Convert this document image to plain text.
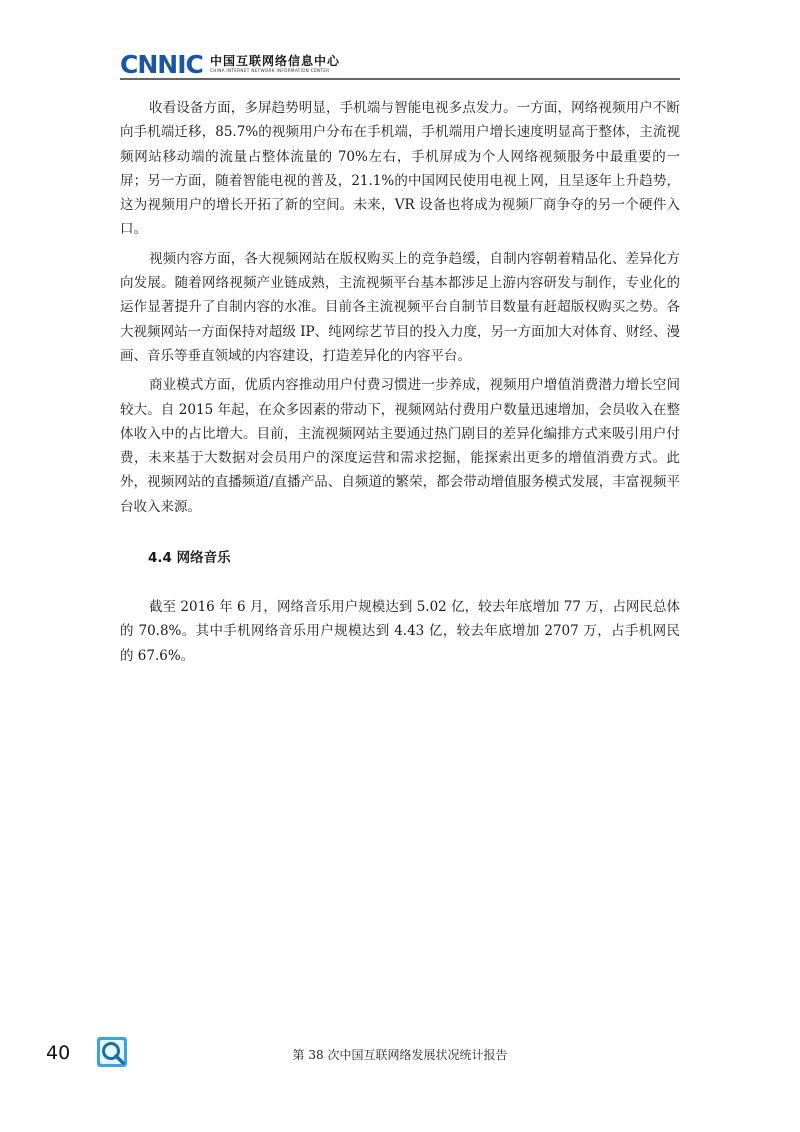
CNNIC 中国互联网络信息中心
CHINA INTERNET NETWORK INFORMATION CENTER

收看设备方面，多屏趋势明显，手机端与智能电视多点发力。一方面，网络视频用户不断向手机端迁移，85.7%的视频用户分布在手机端，手机端用户增长速度明显高于整体，主流视频网站移动端的流量占整体流量的 70%左右，手机屏成为个人网络视频服务中最重要的一屏；另一方面，随着智能电视的普及，21.1%的中国网民使用电视上网，且呈逐年上升趋势，这为视频用户的增长开拓了新的空间。未来，VR 设备也将成为视频厂商争夺的另一个硬件入口。

视频内容方面，各大视频网站在版权购买上的竞争趋缓，自制内容朝着精品化、差异化方向发展。随着网络视频产业链成熟，主流视频平台基本都涉足上游内容研发与制作，专业化的运作显著提升了自制内容的水准。目前各主流视频平台自制节目数量有赶超版权购买之势。各大视频网站一方面保持对超级 IP、纯网综艺节目的投入力度，另一方面加大对体育、财经、漫画、音乐等垂直领域的内容建设，打造差异化的内容平台。

商业模式方面，优质内容推动用户付费习惯进一步养成，视频用户增值消费潜力增长空间较大。自 2015 年起，在众多因素的带动下，视频网站付费用户数量迅速增加，会员收入在整体收入中的占比增大。目前，主流视频网站主要通过热门剧目的差异化编排方式来吸引用户付费，未来基于大数据对会员用户的深度运营和需求挖掘，能探索出更多的增值消费方式。此外，视频网站的直播频道/直播产品、自频道的繁荣，都会带动增值服务模式发展，丰富视频平台收入来源。

4.4 网络音乐

截至 2016 年 6 月，网络音乐用户规模达到 5.02 亿，较去年底增加 77 万，占网民总体的 70.8%。其中手机网络音乐用户规模达到 4.43 亿，较去年底增加 2707 万，占手机网民的 67.6%。

40	第 38 次中国互联网络发展状况统计报告
